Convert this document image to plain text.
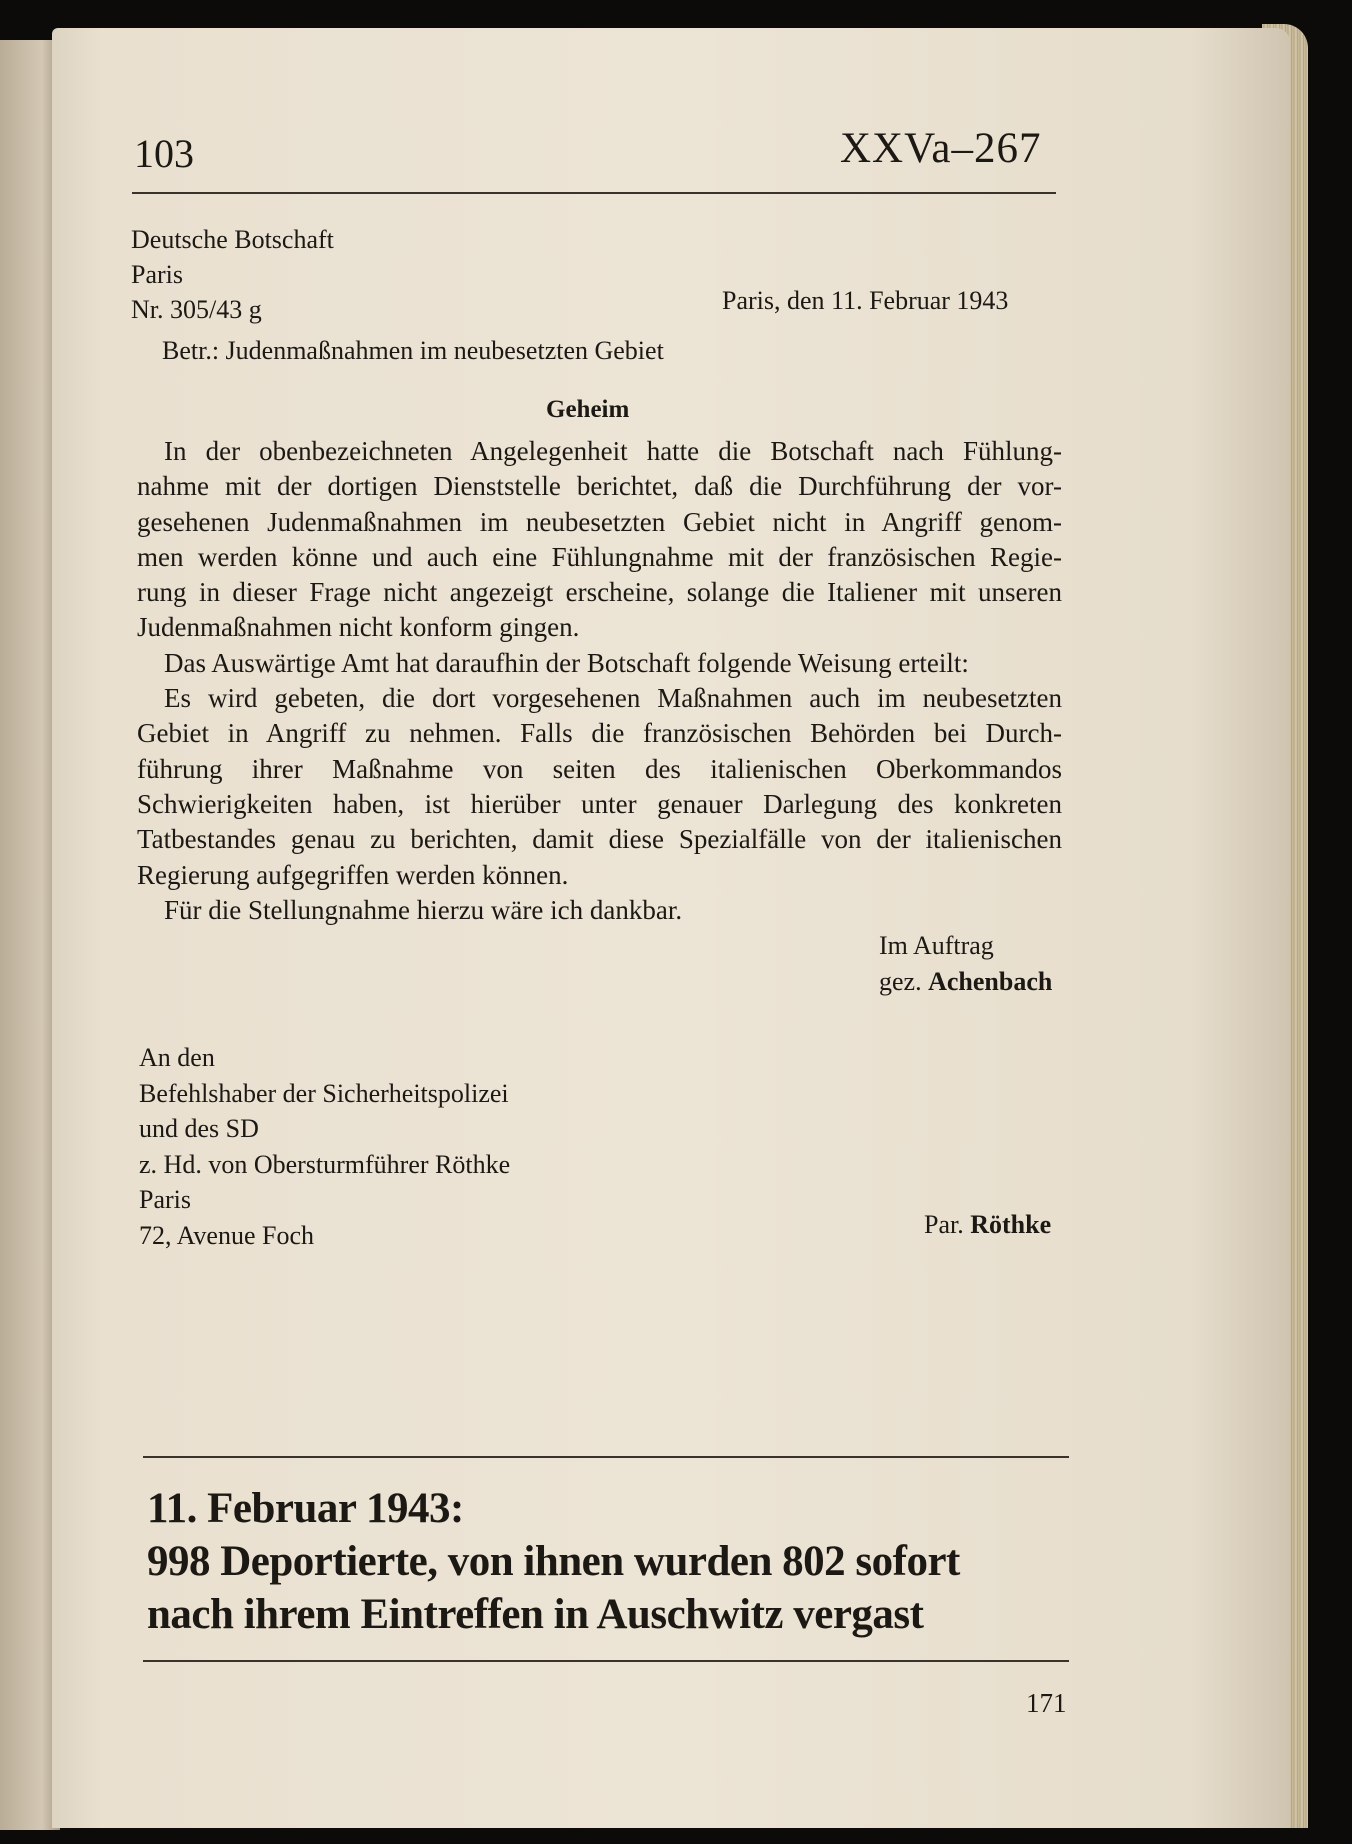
103	XXVa–267
Deutsche Botschaft
Paris
Nr. 305/43 g	Paris, den 11. Februar 1943
Betr.: Judenmaßnahmen im neubesetzten Gebiet
Geheim
In der obenbezeichneten Angelegenheit hatte die Botschaft nach Fühlung-
nahme mit der dortigen Dienststelle berichtet, daß die Durchführung der vor-
gesehenen Judenmaßnahmen im neubesetzten Gebiet nicht in Angriff genom-
men werden könne und auch eine Fühlungnahme mit der französischen Regie-
rung in dieser Frage nicht angezeigt erscheine, solange die Italiener mit unseren
Judenmaßnahmen nicht konform gingen.
Das Auswärtige Amt hat daraufhin der Botschaft folgende Weisung erteilt:
Es wird gebeten, die dort vorgesehenen Maßnahmen auch im neubesetzten
Gebiet in Angriff zu nehmen. Falls die französischen Behörden bei Durch-
führung ihrer Maßnahme von seiten des italienischen Oberkommandos
Schwierigkeiten haben, ist hierüber unter genauer Darlegung des konkreten
Tatbestandes genau zu berichten, damit diese Spezialfälle von der italienischen
Regierung aufgegriffen werden können.
Für die Stellungnahme hierzu wäre ich dankbar.
Im Auftrag
gez. Achenbach
An den
Befehlshaber der Sicherheitspolizei
und des SD
z. Hd. von Obersturmführer Röthke
Paris
72, Avenue Foch	Par. Röthke
11. Februar 1943:
998 Deportierte, von ihnen wurden 802 sofort
nach ihrem Eintreffen in Auschwitz vergast
171
